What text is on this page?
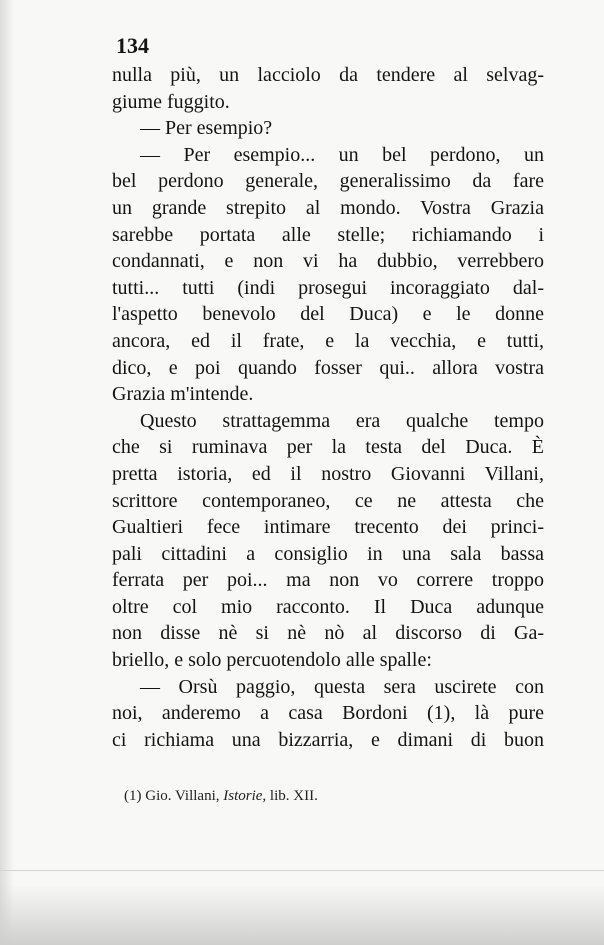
134
nulla più, un lacciolo da tendere al selvag-
giume fuggito.
— Per esempio?
— Per esempio... un bel perdono, un
bel perdono generale, generalissimo da fare
un grande strepito al mondo. Vostra Grazia
sarebbe portata alle stelle; richiamando i
condannati, e non vi ha dubbio, verrebbero
tutti... tutti (indi prosegui incoraggiato dal-
l'aspetto benevolo del Duca) e le donne
ancora, ed il frate, e la vecchia, e tutti,
dico, e poi quando fosser qui.. allora vostra
Grazia m'intende.
Questo strattagemma era qualche tempo
che si ruminava per la testa del Duca. È
pretta istoria, ed il nostro Giovanni Villani,
scrittore contemporaneo, ce ne attesta che
Gualtieri fece intimare trecento dei princi-
pali cittadini a consiglio in una sala bassa
ferrata per poi... ma non vo correre troppo
oltre col mio racconto. Il Duca adunque
non disse nè si nè nò al discorso di Ga-
briello, e solo percuotendolo alle spalle:
— Orsù paggio, questa sera uscirete con
noi, anderemo a casa Bordoni (1), là pure
ci richiama una bizzarria, e dimani di buon
(1) Gio. Villani, Istorie, lib. XII.
